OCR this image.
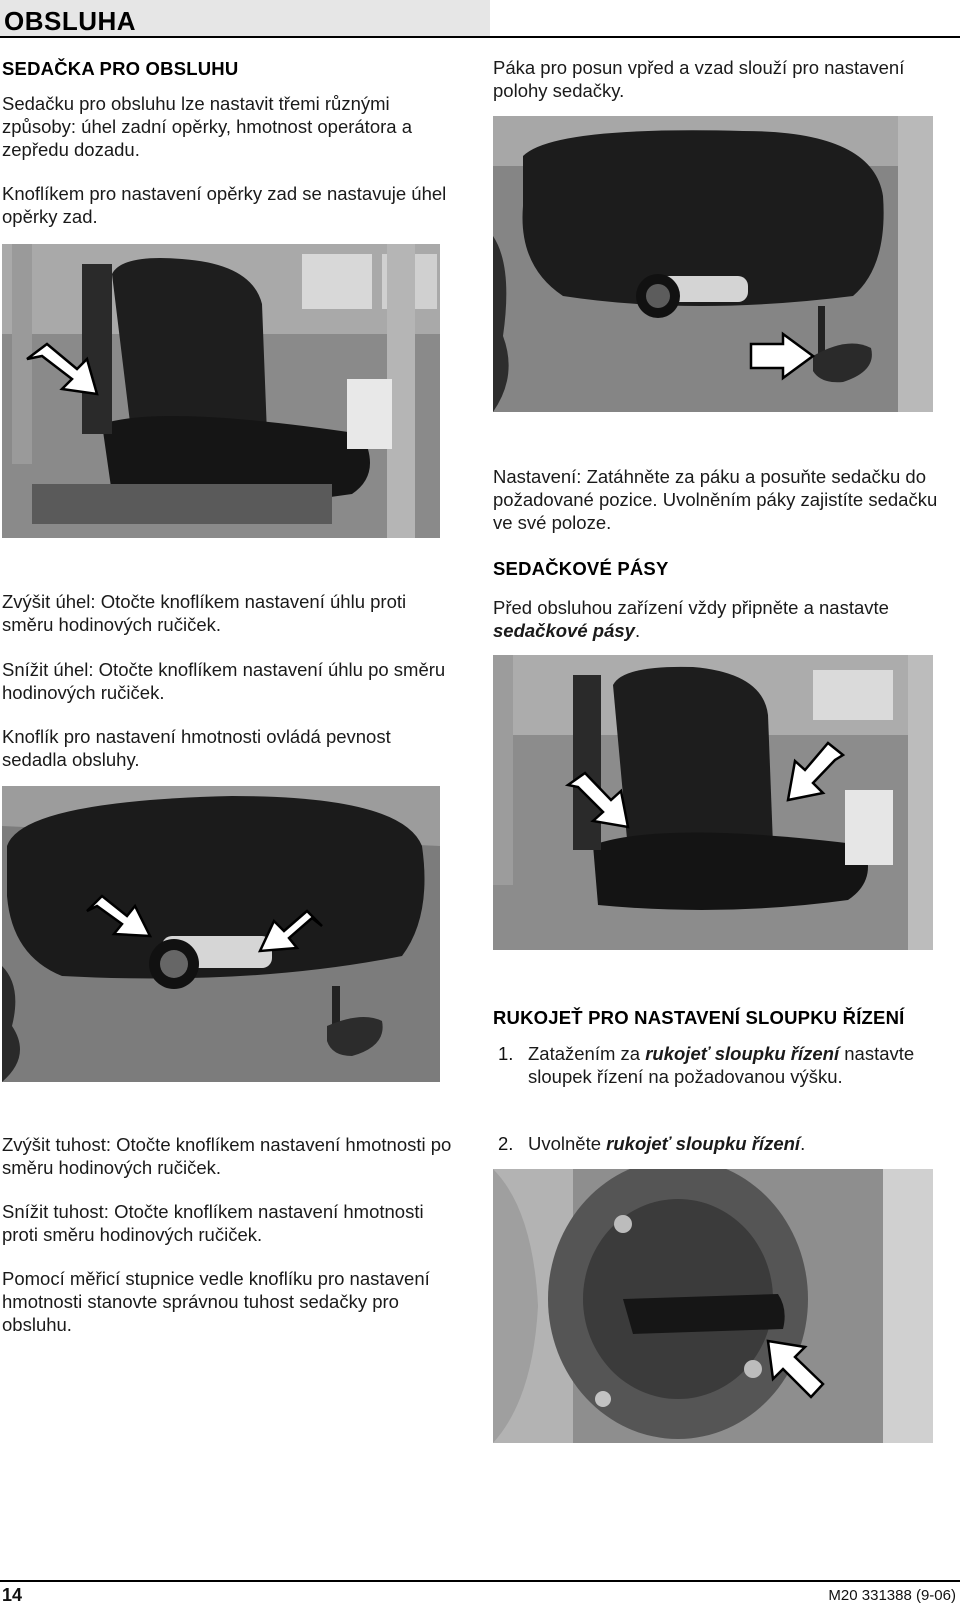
OBSLUHA
SEDAČKA PRO OBSLUHU
Sedačku pro obsluhu lze nastavit třemi různými způsoby: úhel zadní opěrky, hmotnost operátora a zepředu dozadu.
Knoflíkem pro nastavení opěrky zad se nastavuje úhel opěrky zad.
Zvýšit úhel: Otočte knoflíkem nastavení úhlu proti směru hodinových ručiček.
Snížit úhel: Otočte knoflíkem nastavení úhlu po směru hodinových ručiček.
Knoflík pro nastavení hmotnosti ovládá pevnost sedadla obsluhy.
Zvýšit tuhost: Otočte knoflíkem nastavení hmotnosti po směru hodinových ručiček.
Snížit tuhost: Otočte knoflíkem nastavení hmotnosti proti směru hodinových ručiček.
Pomocí měřicí stupnice vedle knoflíku pro nastavení hmotnosti stanovte správnou tuhost sedačky pro obsluhu.
Páka pro posun vpřed a vzad slouží pro nastavení polohy sedačky.
Nastavení: Zatáhněte za páku a posuňte sedačku do požadované pozice. Uvolněním páky zajistíte sedačku ve své poloze.
SEDAČKOVÉ PÁSY
Před obsluhou zařízení vždy připněte a nastavte sedačkové pásy.
RUKOJEŤ PRO NASTAVENÍ SLOUPKU ŘÍZENÍ
1. Zatažením za rukojeť sloupku řízení nastavte sloupek řízení na požadovanou výšku.
2. Uvolněte rukojeť sloupku řízení.
14	M20 331388 (9-06)
